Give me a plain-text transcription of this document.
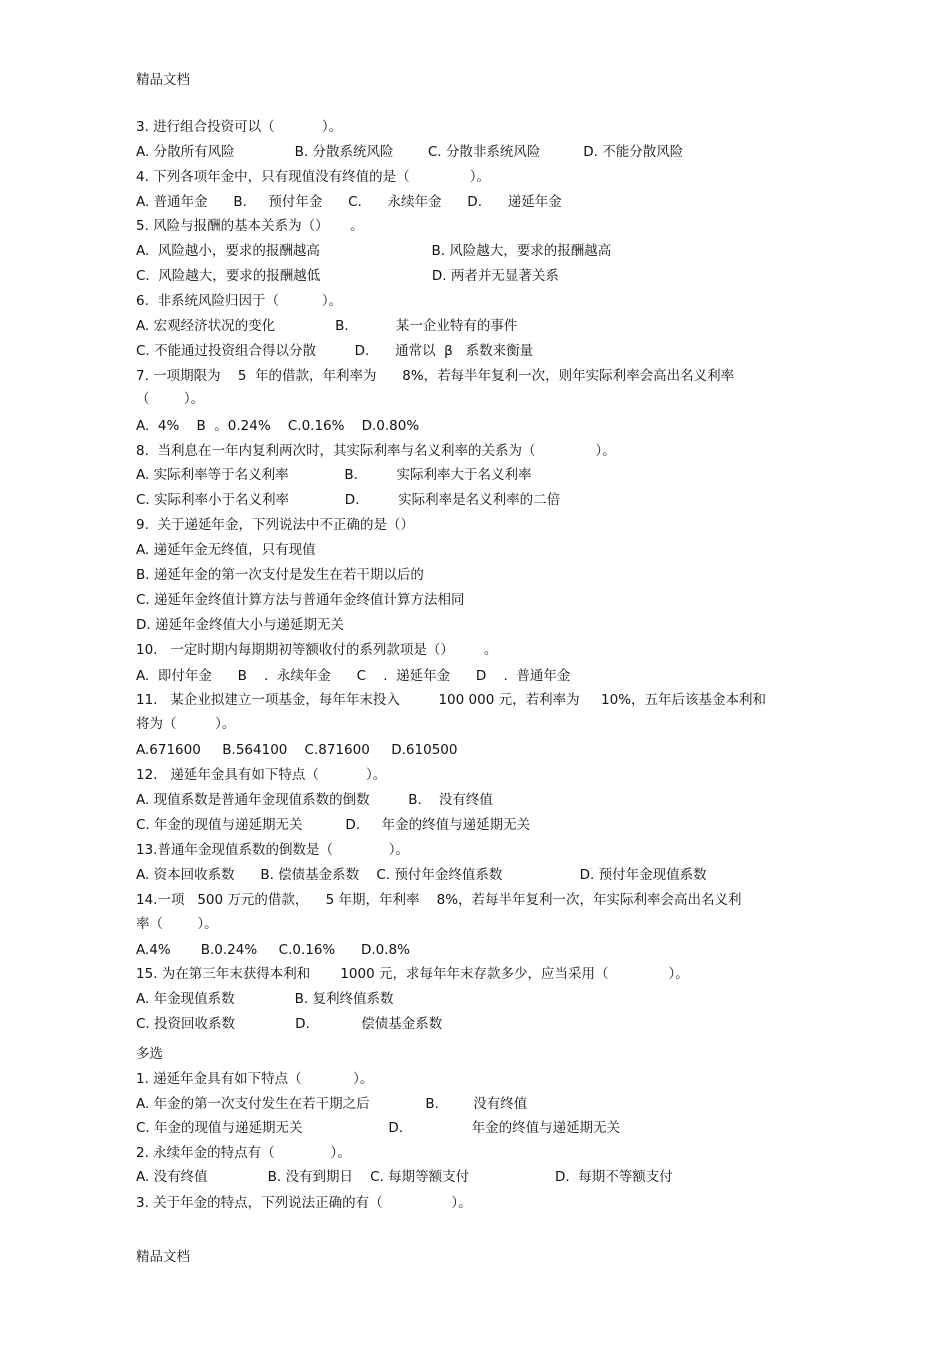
精品文档
3. 进行组合投资可以（           ）。
A. 分散所有风险              B. 分散系统风险        C. 分散非系统风险          D. 不能分散风险
4. 下列各项年金中，只有现值没有终值的是（              ）。
A. 普通年金      B.     预付年金      C.      永续年金      D.      递延年金
5. 风险与报酬的基本关系为（）     。
A.  风险越小，要求的报酬越高                          B. 风险越大，要求的报酬越高
C.  风险越大，要求的报酬越低                          D. 两者并无显著关系
6.  非系统风险归因于（          ）。
A. 宏观经济状况的变化              B.           某一企业特有的事件
C. 不能通过投资组合得以分散         D.      通常以  β   系数来衡量
7. 一项期限为    5  年的借款，年利率为      8%，若每半年复利一次，则年实际利率会高出名义利率
（        ）。
A.  4%    B  。0.24%    C.0.16%    D.0.80%
8.  当利息在一年内复利两次时，其实际利率与名义利率的关系为（              ）。
A. 实际利率等于名义利率             B.         实际利率大于名义利率
C. 实际利率小于名义利率             D.         实际利率是名义利率的二倍
9.  关于递延年金，下列说法中不正确的是（）
A. 递延年金无终值，只有现值
B. 递延年金的第一次支付是发生在若干期以后的
C. 递延年金终值计算方法与普通年金终值计算方法相同
D. 递延年金终值大小与递延期无关
10.   一定时期内每期期初等额收付的系列款项是（）       。
A.  即付年金      B    .  永续年金      C    .  递延年金      D    .  普通年金
11.   某企业拟建立一项基金，每年年末投入         100 000 元，若利率为     10%，五年后该基金本利和
将为（         ）。
A.671600     B.564100    C.871600     D.610500
12.   递延年金具有如下特点（           ）。
A. 现值系数是普通年金现值系数的倒数         B.    没有终值
C. 年金的现值与递延期无关          D.     年金的终值与递延期无关
13.普通年金现值系数的倒数是（             ）。
A. 资本回收系数      B. 偿债基金系数    C. 预付年金终值系数                  D. 预付年金现值系数
14.一项   500 万元的借款，    5 年期，年利率    8%，若每半年复利一次，年实际利率会高出名义利
率（        ）。
A.4%       B.0.24%     C.0.16%      D.0.8%
15. 为在第三年末获得本利和       1000 元，求每年年末存款多少，应当采用（              ）。
A. 年金现值系数              B. 复利终值系数
C. 投资回收系数              D.            偿债基金系数
多选
1. 递延年金具有如下特点（            ）。
A. 年金的第一次支付发生在若干期之后             B.        没有终值
C. 年金的现值与递延期无关                    D.                年金的终值与递延期无关
2. 永续年金的特点有（             ）。
A. 没有终值              B. 没有到期日    C. 每期等额支付                    D.  每期不等额支付
3. 关于年金的特点，下列说法正确的有（                ）。
精品文档
